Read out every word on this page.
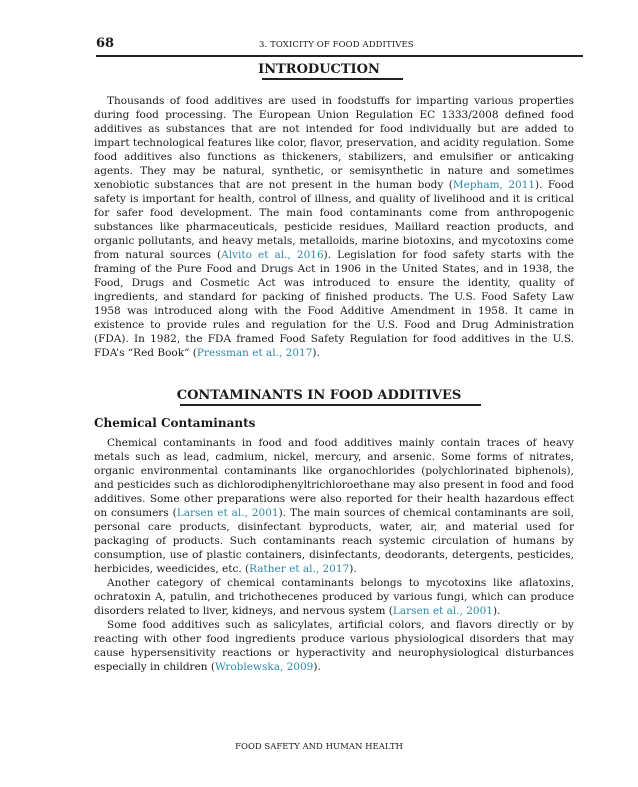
68	3. TOXICITY OF FOOD ADDITIVES
INTRODUCTION

Thousands of food additives are used in foodstuffs for imparting various properties during food processing. The European Union Regulation EC 1333/2008 defined food additives as substances that are not intended for food individually but are added to impart technological features like color, flavor, preservation, and acidity regulation. Some food additives also functions as thickeners, stabilizers, and emulsifier or anticaking agents. They may be natural, synthetic, or semisynthetic in nature and sometimes xenobiotic substances that are not present in the human body (Mepham, 2011). Food safety is important for health, control of illness, and quality of livelihood and it is critical for safer food development. The main food contaminants come from anthropogenic substances like pharmaceuticals, pesticide residues, Maillard reaction products, and organic pollutants, and heavy metals, metalloids, marine biotoxins, and mycotoxins come from natural sources (Alvito et al., 2016). Legislation for food safety starts with the framing of the Pure Food and Drugs Act in 1906 in the United States, and in 1938, the Food, Drugs and Cosmetic Act was introduced to ensure the identity, quality of ingredients, and standard for packing of finished products. The U.S. Food Safety Law 1958 was introduced along with the Food Additive Amendment in 1958. It came in existence to provide rules and regulation for the U.S. Food and Drug Administration (FDA). In 1982, the FDA framed Food Safety Regulation for food additives in the U.S. FDA’s “Red Book” (Pressman et al., 2017).

CONTAMINANTS IN FOOD ADDITIVES
Chemical Contaminants

Chemical contaminants in food and food additives mainly contain traces of heavy metals such as lead, cadmium, nickel, mercury, and arsenic. Some forms of nitrates, organic environmental contaminants like organochlorides (polychlorinated biphenols), and pesticides such as dichlorodiphenyltrichloroethane may also present in food and food additives. Some other preparations were also reported for their health hazardous effect on consumers (Larsen et al., 2001). The main sources of chemical contaminants are soil, personal care products, disinfectant byproducts, water, air, and material used for packaging of products. Such contaminants reach systemic circulation of humans by consumption, use of plastic containers, disinfectants, deodorants, detergents, pesticides, herbicides, weedicides, etc. (Rather et al., 2017).

Another category of chemical contaminants belongs to mycotoxins like aflatoxins, ochratoxin A, patulin, and trichothecenes produced by various fungi, which can produce disorders related to liver, kidneys, and nervous system (Larsen et al., 2001).

Some food additives such as salicylates, artificial colors, and flavors directly or by reacting with other food ingredients produce various physiological disorders that may cause hypersensitivity reactions or hyperactivity and neurophysiological disturbances especially in children (Wroblewska, 2009).

FOOD SAFETY AND HUMAN HEALTH
